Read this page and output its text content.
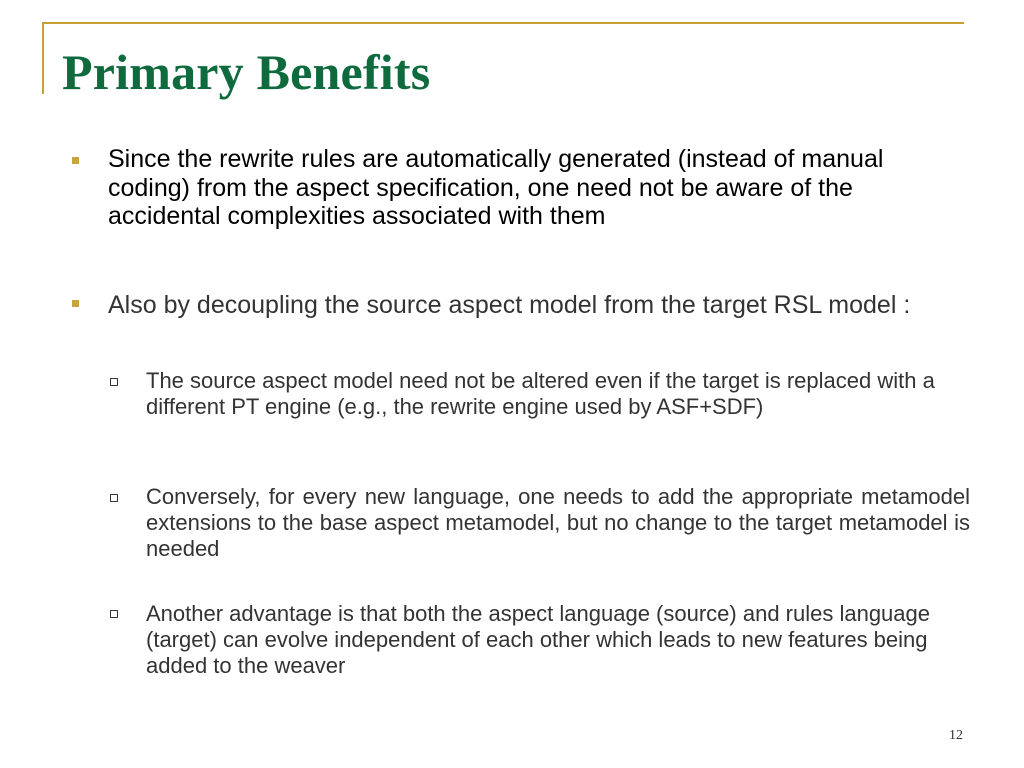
Primary Benefits
Since the rewrite rules are automatically generated (instead of manual coding) from the aspect specification, one need not be aware of the accidental complexities associated with them
Also by decoupling the source aspect model from the target RSL model :
The source aspect model need not be altered even if the target is replaced with a different PT engine (e.g., the rewrite engine used by ASF+SDF)
Conversely, for every new language, one needs to add the appropriate metamodel extensions to the base aspect metamodel, but no change to the target metamodel is needed
Another advantage is that both the aspect language (source) and rules language (target) can evolve independent of each other which leads to new features being added to the weaver
12
